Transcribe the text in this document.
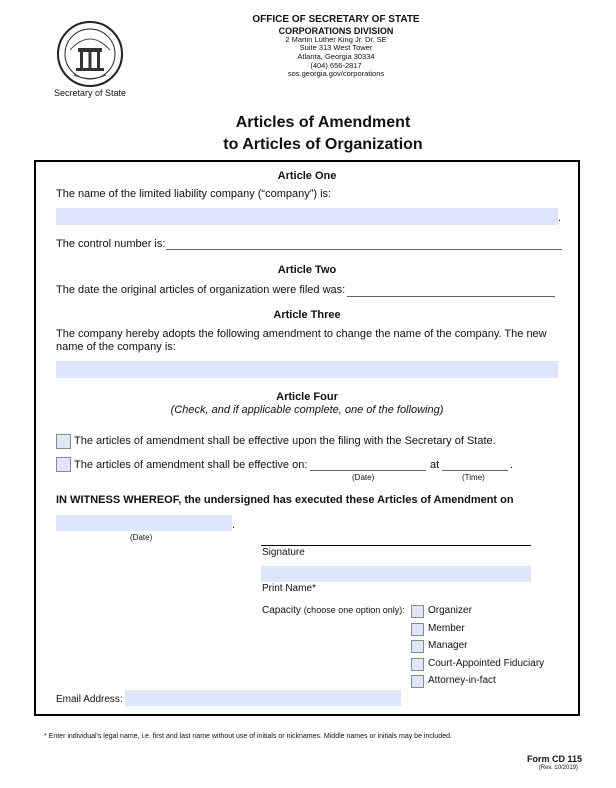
Secretary of State
OFFICE OF SECRETARY OF STATE
CORPORATIONS DIVISION
2 Martin Luther King Jr. Dr. SE
Suite 313 West Tower
Atlanta, Georgia 30334
(404) 656-2817
sos.georgia.gov/corporations
Articles of Amendment
to Articles of Organization
Article One
The name of the limited liability company (“company”) is:
.
The control number is:
Article Two
The date the original articles of organization were filed was:
Article Three
The company hereby adopts the following amendment to change the name of the company. The new
name of the company is:
Article Four
(Check, and if applicable complete, one of the following)
The articles of amendment shall be effective upon the filing with the Secretary of State.
The articles of amendment shall be effective on:	at	.
(Date)	(Time)
IN WITNESS WHEREOF, the undersigned has executed these Articles of Amendment on
.
(Date)
Signature
Print Name*
Capacity (choose one option only): Organizer
Member
Manager
Court-Appointed Fiduciary
Attorney-in-fact
Email Address:
* Enter individual's legal name, i.e. first and last name without use of initials or nicknames. Middle names or initials may be included.
Form CD 115
(Rev. 10/2019)
